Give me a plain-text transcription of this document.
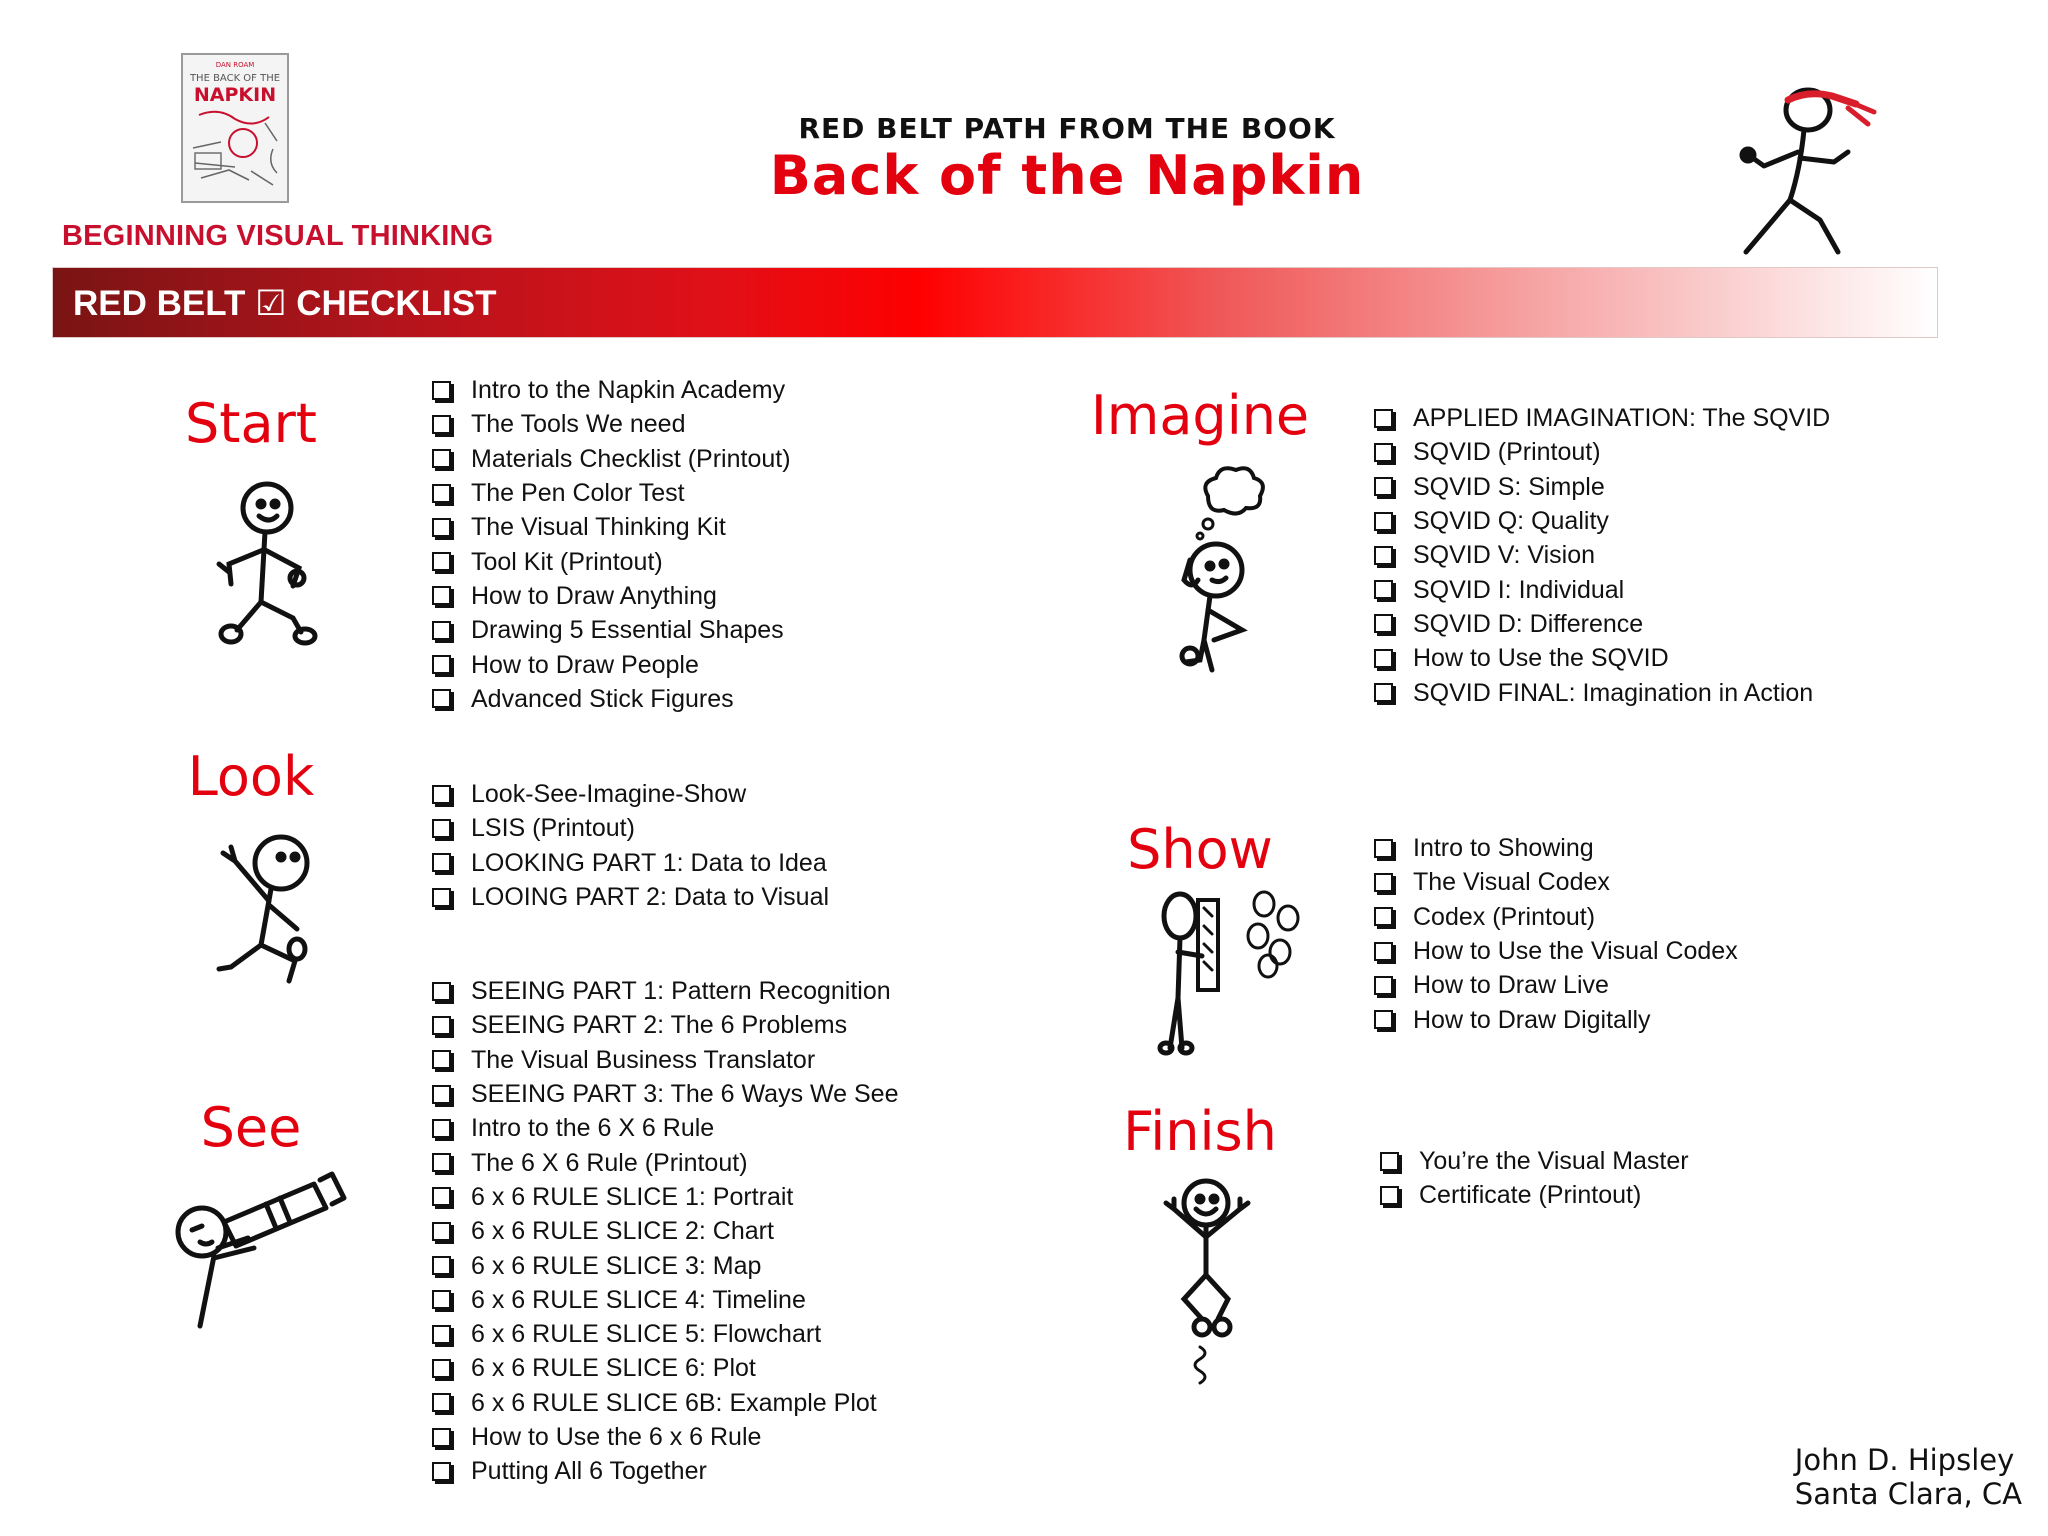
DAN ROAM
THE BACK OF THE
NAPKIN
BEGINNING VISUAL THINKING
RED BELT PATH FROM THE BOOK
Back of the Napkin
RED BELT ☑ CHECKLIST
Start
Intro to the Napkin Academy
The Tools We need
Materials Checklist (Printout)
The Pen Color Test
The Visual Thinking Kit
Tool Kit (Printout)
How to Draw Anything
Drawing 5 Essential Shapes
How to Draw People
Advanced Stick Figures
Look	Look-See-Imagine-Show
LSIS (Printout)
LOOKING PART 1: Data to Idea
LOOING PART 2: Data to Visual
See
SEEING PART 1: Pattern Recognition
SEEING PART 2: The 6 Problems
The Visual Business Translator
SEEING PART 3: The 6 Ways We See
Intro to the 6 X 6 Rule
The 6 X 6 Rule (Printout)
6 x 6 RULE SLICE 1: Portrait
6 x 6 RULE SLICE 2: Chart
6 x 6 RULE SLICE 3: Map
6 x 6 RULE SLICE 4: Timeline
6 x 6 RULE SLICE 5: Flowchart
6 x 6 RULE SLICE 6: Plot
6 x 6 RULE SLICE 6B: Example Plot
How to Use the 6 x 6 Rule
Putting All 6 Together
Imagine	APPLIED IMAGINATION: The SQVID
SQVID (Printout)
SQVID S: Simple
SQVID Q: Quality
SQVID V: Vision
SQVID I: Individual
SQVID D: Difference
How to Use the SQVID
SQVID FINAL: Imagination in Action
Show	Intro to Showing
The Visual Codex
Codex (Printout)
How to Use the Visual Codex
How to Draw Live
How to Draw Digitally
Finish	You’re the Visual Master
Certificate (Printout)
John D. Hipsley
Santa Clara, CA
